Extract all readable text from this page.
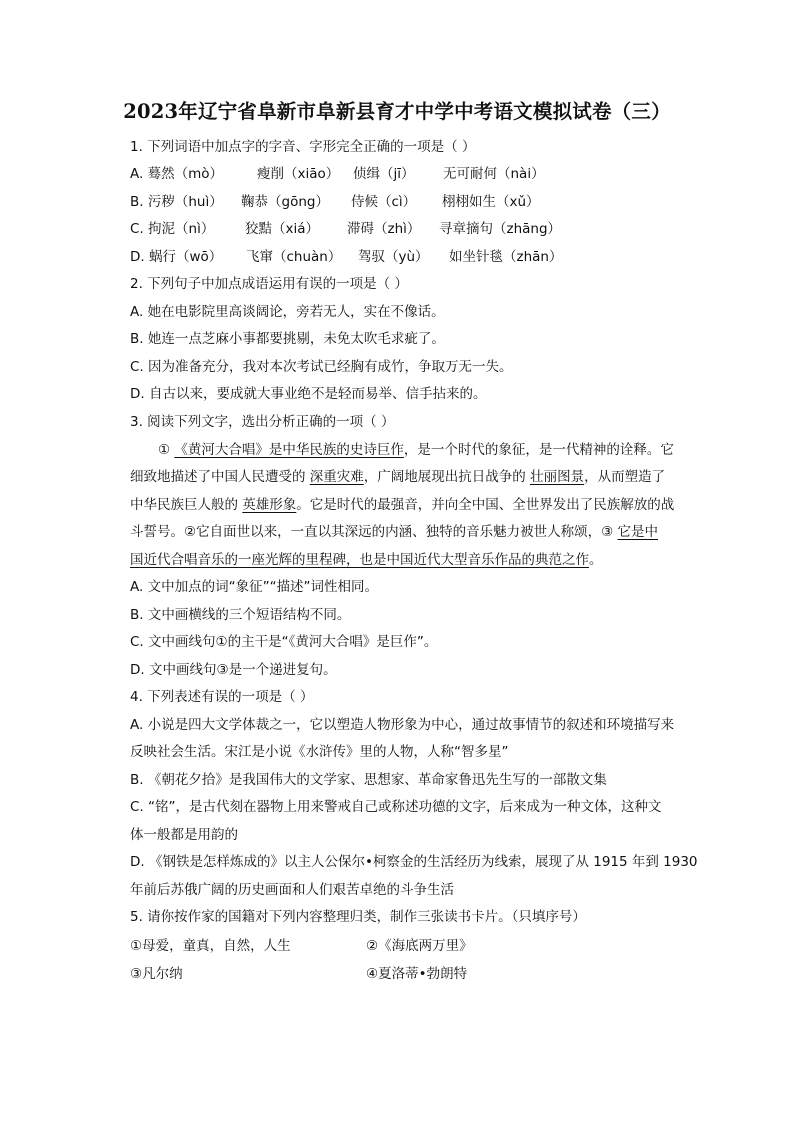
2023年辽宁省阜新市阜新县育才中学中考语文模拟试卷（三）
1. 下列词语中加点字的字音、字形完全正确的一项是（ ）
A. 蓦然（mò）	瘦削（xiāo） 侦缉（jī） 无可耐何（nài）
B. 污秽（huì） 鞠恭（gōng） 侍候（cì） 栩栩如生（xǔ）
C. 拘泥（nì） 狡黠（xiá） 滞碍（zhì） 寻章摘句（zhāng）
D. 蜗行（wō） 飞窜（chuàn） 驾驭（yù） 如坐针毯（zhān）
2. 下列句子中加点成语运用有误的一项是（ ）
A. 她在电影院里高谈阔论，旁若无人，实在不像话。
B. 她连一点芝麻小事都要挑剔，未免太吹毛求疵了。
C. 因为准备充分，我对本次考试已经胸有成竹，争取万无一失。
D. 自古以来，要成就大事业绝不是轻而易举、信手拈来的。
3. 阅读下列文字，选出分析正确的一项（ ）
① 《黄河大合唱》是中华民族的史诗巨作，是一个时代的象征，是一代精神的诠释。它
细致地描述了中国人民遭受的 深重灾难，广阔地展现出抗日战争的 壮丽图景，从而塑造了
中华民族巨人般的 英雄形象。它是时代的最强音，并向全中国、全世界发出了民族解放的战
斗誓号。②它自面世以来，一直以其深远的内涵、独特的音乐魅力被世人称颂，③ 它是中
国近代合唱音乐的一座光辉的里程碑，也是中国近代大型音乐作品的典范之作。
A. 文中加点的词“象征”“描述”词性相同。
B. 文中画横线的三个短语结构不同。
C. 文中画线句①的主干是“《黄河大合唱》是巨作”。
D. 文中画线句③是一个递进复句。
4. 下列表述有误的一项是（ ）
A. 小说是四大文学体裁之一，它以塑造人物形象为中心，通过故事情节的叙述和环境描写来
反映社会生活。宋江是小说《水浒传》里的人物，人称“智多星”
B. 《朝花夕拾》是我国伟大的文学家、思想家、革命家鲁迅先生写的一部散文集
C. “铭”，是古代刻在器物上用来警戒自己或称述功德的文字，后来成为一种文体，这种文
体一般都是用韵的
D. 《钢铁是怎样炼成的》以主人公保尔•柯察金的生活经历为线索，展现了从 1915 年到 1930
年前后苏俄广阔的历史画面和人们艰苦卓绝的斗争生活
5. 请你按作家的国籍对下列内容整理归类，制作三张读书卡片。（只填序号）
①母爱，童真，自然，人生	②《海底两万里》
③凡尔纳	④夏洛蒂•勃朗特
